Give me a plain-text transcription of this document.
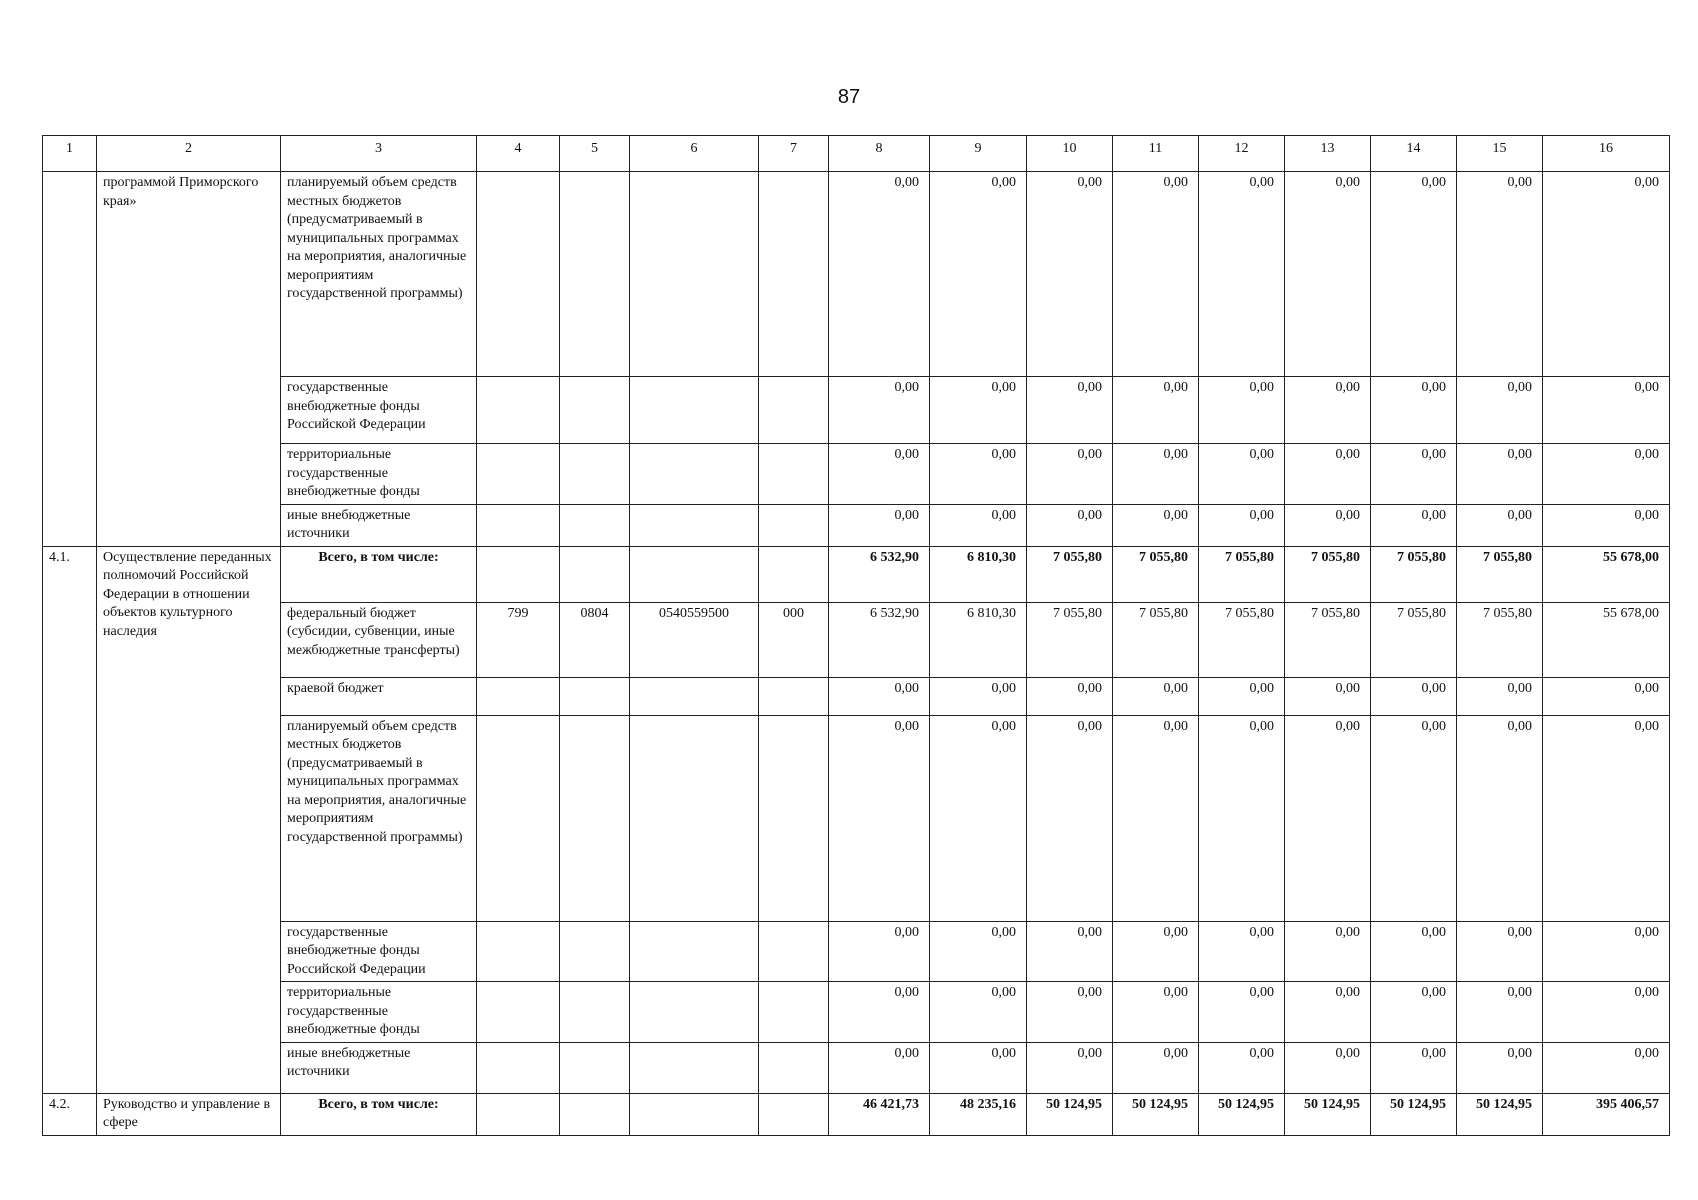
87
1	2	3	4	5	6	7	8	9	10	11	12	13	14	15	16
	программой Приморского края»	планируемый объем средств местных бюджетов (предусматриваемый в муниципальных программах на мероприятия, аналогичные мероприятиям государственной программы)					0,00	0,00	0,00	0,00	0,00	0,00	0,00	0,00	0,00
		государственные внебюджетные фонды Российской Федерации					0,00	0,00	0,00	0,00	0,00	0,00	0,00	0,00	0,00
		территориальные государственные внебюджетные фонды					0,00	0,00	0,00	0,00	0,00	0,00	0,00	0,00	0,00
		иные внебюджетные источники					0,00	0,00	0,00	0,00	0,00	0,00	0,00	0,00	0,00
4.1.	Осуществление переданных полномочий Российской Федерации в отношении объектов культурного наследия	Всего, в том числе:					6 532,90	6 810,30	7 055,80	7 055,80	7 055,80	7 055,80	7 055,80	7 055,80	55 678,00
		федеральный бюджет (субсидии, субвенции, иные межбюджетные трансферты)	799	0804	0540559500	000	6 532,90	6 810,30	7 055,80	7 055,80	7 055,80	7 055,80	7 055,80	7 055,80	55 678,00
		краевой бюджет					0,00	0,00	0,00	0,00	0,00	0,00	0,00	0,00	0,00
		планируемый объем средств местных бюджетов (предусматриваемый в муниципальных программах на мероприятия, аналогичные мероприятиям государственной программы)					0,00	0,00	0,00	0,00	0,00	0,00	0,00	0,00	0,00
		государственные внебюджетные фонды Российской Федерации					0,00	0,00	0,00	0,00	0,00	0,00	0,00	0,00	0,00
		территориальные государственные внебюджетные фонды					0,00	0,00	0,00	0,00	0,00	0,00	0,00	0,00	0,00
		иные внебюджетные источники					0,00	0,00	0,00	0,00	0,00	0,00	0,00	0,00	0,00
4.2.	Руководство и управление в сфере	Всего, в том числе:					46 421,73	48 235,16	50 124,95	50 124,95	50 124,95	50 124,95	50 124,95	50 124,95	395 406,57
